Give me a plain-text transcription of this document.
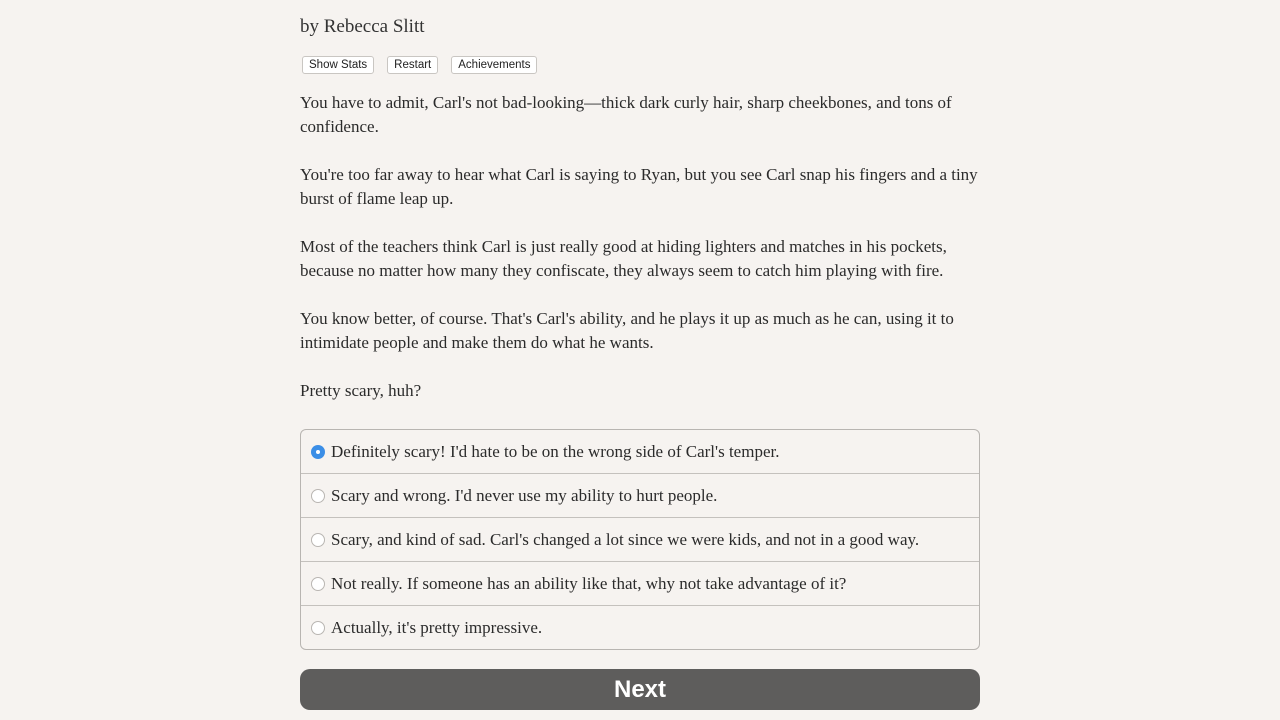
by Rebecca Slitt
Show Stats	Restart	Achievements

You have to admit, Carl's not bad-looking—thick dark curly hair, sharp cheekbones, and tons of confidence.

You're too far away to hear what Carl is saying to Ryan, but you see Carl snap his fingers and a tiny burst of flame leap up.

Most of the teachers think Carl is just really good at hiding lighters and matches in his pockets, because no matter how many they confiscate, they always seem to catch him playing with fire.

You know better, of course. That's Carl's ability, and he plays it up as much as he can, using it to intimidate people and make them do what he wants.

Pretty scary, huh?

Definitely scary! I'd hate to be on the wrong side of Carl's temper.
Scary and wrong. I'd never use my ability to hurt people.
Scary, and kind of sad. Carl's changed a lot since we were kids, and not in a good way.
Not really. If someone has an ability like that, why not take advantage of it?
Actually, it's pretty impressive.
Next
